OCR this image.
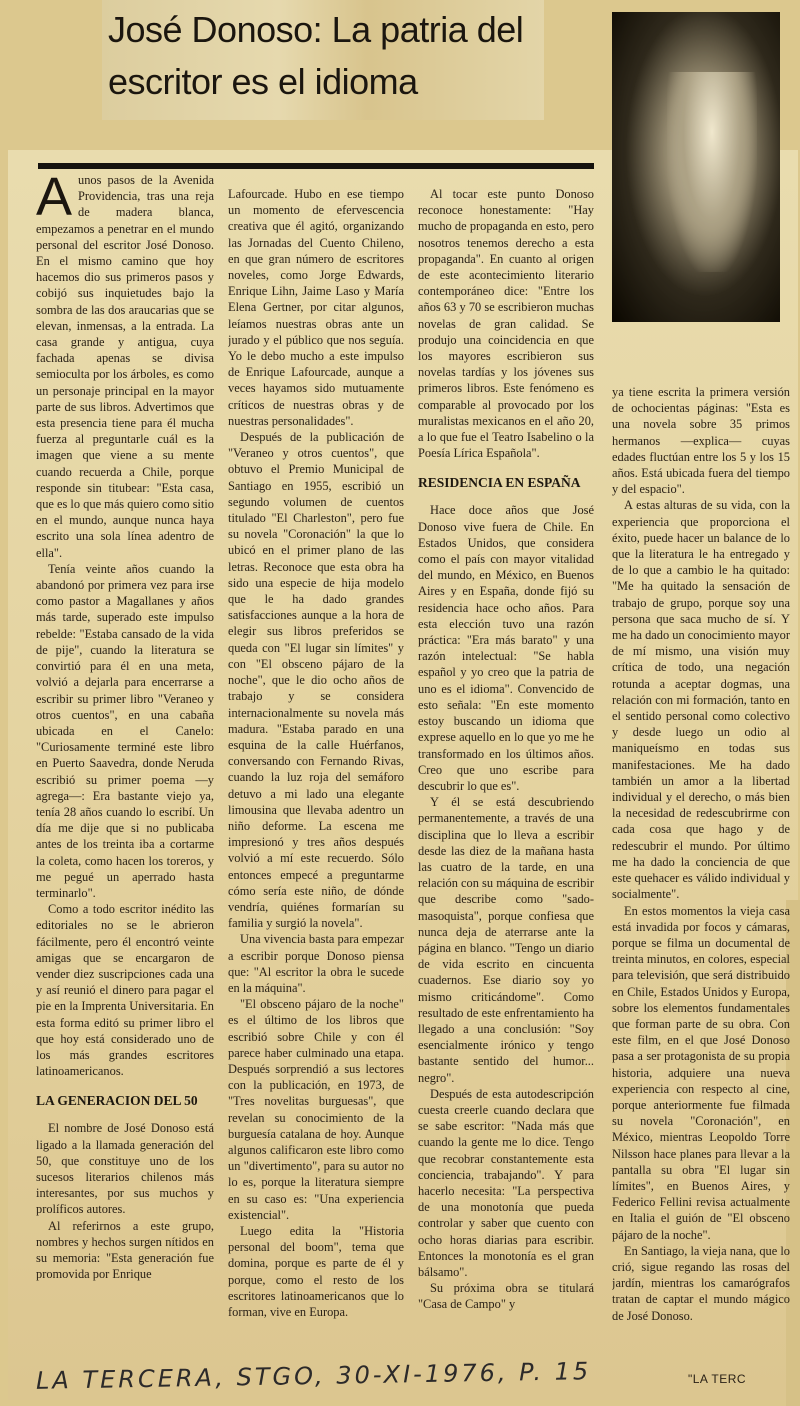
José Donoso: La patria del escritor es el idioma

Aunos pasos de la Avenida Providencia, tras una reja de madera blanca, empezamos a penetrar en el mundo personal del escritor José Donoso. En el mismo camino que hoy hacemos dio sus primeros pasos y cobijó sus inquietudes bajo la sombra de las dos araucarias que se elevan, inmensas, a la entrada. La casa grande y antigua, cuya fachada apenas se divisa semioculta por los árboles, es como un personaje principal en la mayor parte de sus libros. Advertimos que esta presencia tiene para él mucha fuerza al preguntarle cuál es la imagen que viene a su mente cuando recuerda a Chile, porque responde sin titubear: "Esta casa, que es lo que más quiero como sitio en el mundo, aunque nunca haya escrito una sola línea adentro de ella".

Tenía veinte años cuando la abandonó por primera vez para irse como pastor a Magallanes y años más tarde, superado este impulso rebelde: "Estaba cansado de la vida de pije", cuando la literatura se convirtió para él en una meta, volvió a dejarla para encerrarse a escribir su primer libro "Veraneo y otros cuentos", en una cabaña ubicada en el Canelo: "Curiosamente terminé este libro en Puerto Saavedra, donde Neruda escribió su primer poema —y agrega—: Era bastante viejo ya, tenía 28 años cuando lo escribí. Un día me dije que si no publicaba antes de los treinta iba a cortarme la coleta, como hacen los toreros, y me pegué un aperrado hasta terminarlo".

Como a todo escritor inédito las editoriales no se le abrieron fácilmente, pero él encontró veinte amigas que se encargaron de vender diez suscripciones cada una y así reunió el dinero para pagar el pie en la Imprenta Universitaria. En esta forma editó su primer libro el que hoy está considerado uno de los más grandes escritores latinoamericanos.

LA GENERACION DEL 50

El nombre de José Donoso está ligado a la llamada generación del 50, que constituye uno de los sucesos literarios chilenos más interesantes, por sus muchos y prolíficos autores.

Al referirnos a este grupo, nombres y hechos surgen nítidos en su memoria: "Esta generación fue promovida por Enrique

Lafourcade. Hubo en ese tiempo un momento de efervescencia creativa que él agitó, organizando las Jornadas del Cuento Chileno, en que gran número de escritores noveles, como Jorge Edwards, Enrique Lihn, Jaime Laso y María Elena Gertner, por citar algunos, leíamos nuestras obras ante un jurado y el público que nos seguía. Yo le debo mucho a este impulso de Enrique Lafourcade, aunque a veces hayamos sido mutuamente críticos de nuestras obras y de nuestras personalidades".

Después de la publicación de "Veraneo y otros cuentos", que obtuvo el Premio Municipal de Santiago en 1955, escribió un segundo volumen de cuentos titulado "El Charleston", pero fue su novela "Coronación" la que lo ubicó en el primer plano de las letras. Reconoce que esta obra ha sido una especie de hija modelo que le ha dado grandes satisfacciones aunque a la hora de elegir sus libros preferidos se queda con "El lugar sin límites" y con "El obsceno pájaro de la noche", que le dio ocho años de trabajo y se considera internacionalmente su novela más madura. "Estaba parado en una esquina de la calle Huérfanos, conversando con Fernando Rivas, cuando la luz roja del semáforo detuvo a mi lado una elegante limousina que llevaba adentro un niño deforme. La escena me impresionó y tres años después volvió a mí este recuerdo. Sólo entonces empecé a preguntarme cómo sería este niño, de dónde vendría, quiénes formarían su familia y surgió la novela".

Una vivencia basta para empezar a escribir porque Donoso piensa que: "Al escritor la obra le sucede en la máquina".

"El obsceno pájaro de la noche" es el último de los libros que escribió sobre Chile y con él parece haber culminado una etapa. Después sorprendió a sus lectores con la publicación, en 1973, de "Tres novelitas burguesas", que revelan su conocimiento de la burguesía catalana de hoy. Aunque algunos calificaron este libro como un "divertimento", para su autor no lo es, porque la literatura siempre en su caso es: "Una experiencia existencial".

Luego edita la "Historia personal del boom", tema que domina, porque es parte de él y porque, como el resto de los escritores latinoamericanos que lo forman, vive en Europa.

Al tocar este punto Donoso reconoce honestamente: "Hay mucho de propaganda en esto, pero nosotros tenemos derecho a esta propaganda". En cuanto al origen de este acontecimiento literario contemporáneo dice: "Entre los años 63 y 70 se escribieron muchas novelas de gran calidad. Se produjo una coincidencia en que los mayores escribieron sus novelas tardías y los jóvenes sus primeros libros. Este fenómeno es comparable al provocado por los muralistas mexicanos en el año 20, a lo que fue el Teatro Isabelino o la Poesía Lírica Española".

RESIDENCIA EN ESPAÑA

Hace doce años que José Donoso vive fuera de Chile. En Estados Unidos, que considera como el país con mayor vitalidad del mundo, en México, en Buenos Aires y en España, donde fijó su residencia hace ocho años. Para esta elección tuvo una razón práctica: "Era más barato" y una razón intelectual: "Se habla español y yo creo que la patria de uno es el idioma". Convencido de esto señala: "En este momento estoy buscando un idioma que exprese aquello en lo que yo me he transformado en los últimos años. Creo que uno escribe para descubrir lo que es".

Y él se está descubriendo permanentemente, a través de una disciplina que lo lleva a escribir desde las diez de la mañana hasta las cuatro de la tarde, en una relación con su máquina de escribir que describe como "sado-masoquista", porque confiesa que nunca deja de aterrarse ante la página en blanco. "Tengo un diario de vida escrito en cincuenta cuadernos. Ese diario soy yo mismo criticándome". Como resultado de este enfrentamiento ha llegado a una conclusión: "Soy esencialmente irónico y tengo bastante sentido del humor... negro".

Después de esta autodescripción cuesta creerle cuando declara que se sabe escritor: "Nada más que cuando la gente me lo dice. Tengo que recobrar constantemente esta conciencia, trabajando". Y para hacerlo necesita: "La perspectiva de una monotonía que pueda controlar y saber que cuento con ocho horas diarias para escribir. Entonces la monotonía es el gran bálsamo".

Su próxima obra se titulará "Casa de Campo" y

ya tiene escrita la primera versión de ochocientas páginas: "Esta es una novela sobre 35 primos hermanos —explica— cuyas edades fluctúan entre los 5 y los 15 años. Está ubicada fuera del tiempo y del espacio".

A estas alturas de su vida, con la experiencia que proporciona el éxito, puede hacer un balance de lo que la literatura le ha entregado y de lo que a cambio le ha quitado: "Me ha quitado la sensación de trabajo de grupo, porque soy una persona que saca mucho de sí. Y me ha dado un conocimiento mayor de mí mismo, una visión muy crítica de todo, una negación rotunda a aceptar dogmas, una relación con mi formación, tanto en el sentido personal como colectivo y desde luego un odio al maniqueísmo en todas sus manifestaciones. Me ha dado también un amor a la libertad individual y el derecho, o más bien la necesidad de redescubrirme con cada cosa que hago y de redescubrir el mundo. Por último me ha dado la conciencia de que este quehacer es válido individual y socialmente".

En estos momentos la vieja casa está invadida por focos y cámaras, porque se filma un documental de treinta minutos, en colores, especial para televisión, que será distribuido en Chile, Estados Unidos y Europa, sobre los elementos fundamentales que forman parte de su obra. Con este film, en el que José Donoso pasa a ser protagonista de su propia historia, adquiere una nueva experiencia con respecto al cine, porque anteriormente fue filmada su novela "Coronación", en México, mientras Leopoldo Torre Nilsson hace planes para llevar a la pantalla su obra "El lugar sin límites", en Buenos Aires, y Federico Fellini revisa actualmente en Italia el guión de "El obsceno pájaro de la noche".

En Santiago, la vieja nana, que lo crió, sigue regando las rosas del jardín, mientras los camarógrafos tratan de captar el mundo mágico de José Donoso.

"LA TERC
LA TERCERA, STGO, 30-XI-1976, P. 15
